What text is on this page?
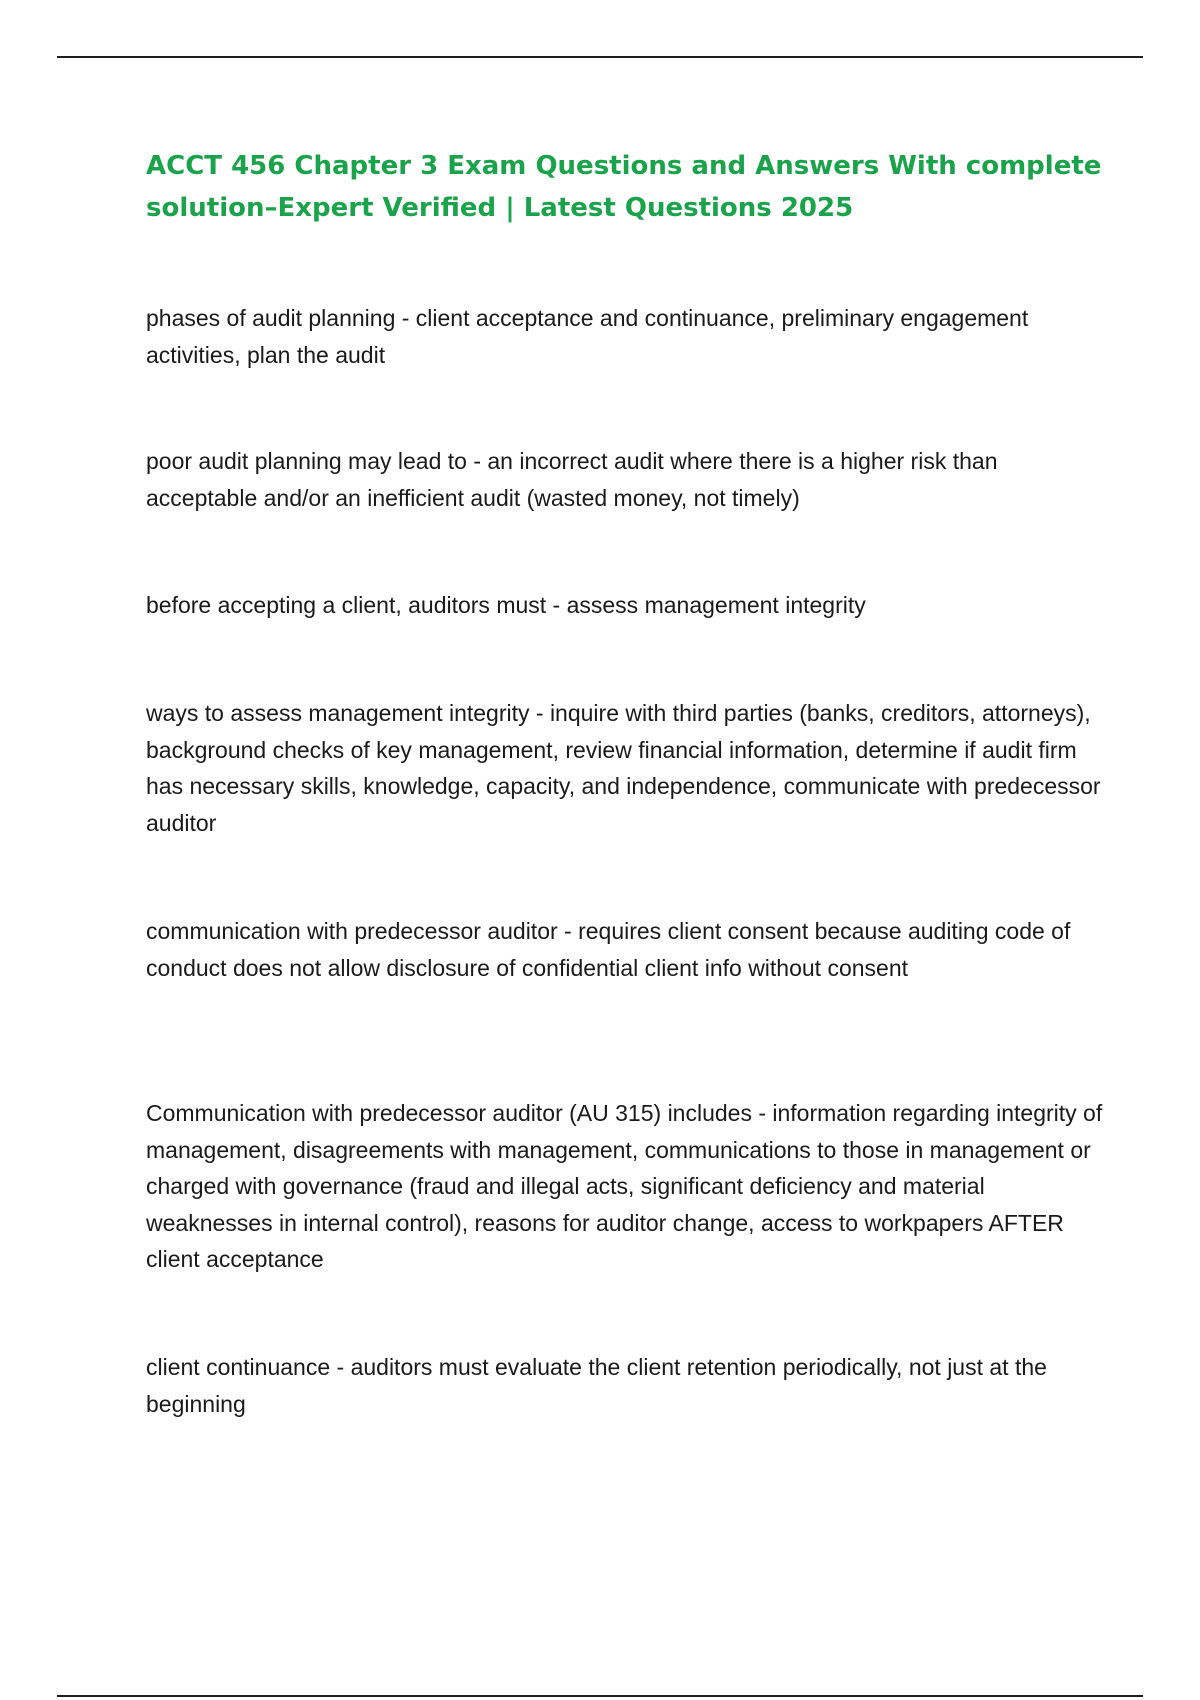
ACCT 456 Chapter 3 Exam Questions and Answers With complete solution–Expert Verified | Latest Questions 2025

phases of audit planning - client acceptance and continuance, preliminary engagement activities, plan the audit

poor audit planning may lead to - an incorrect audit where there is a higher risk than acceptable and/or an inefficient audit (wasted money, not timely)

before accepting a client, auditors must - assess management integrity

ways to assess management integrity - inquire with third parties (banks, creditors, attorneys), background checks of key management, review financial information, determine if audit firm has necessary skills, knowledge, capacity, and independence, communicate with predecessor auditor

communication with predecessor auditor - requires client consent because auditing code of conduct does not allow disclosure of confidential client info without consent

Communication with predecessor auditor (AU 315) includes - information regarding integrity of management, disagreements with management, communications to those in management or charged with governance (fraud and illegal acts, significant deficiency and material weaknesses in internal control), reasons for auditor change, access to workpapers AFTER client acceptance

client continuance - auditors must evaluate the client retention periodically, not just at the beginning
